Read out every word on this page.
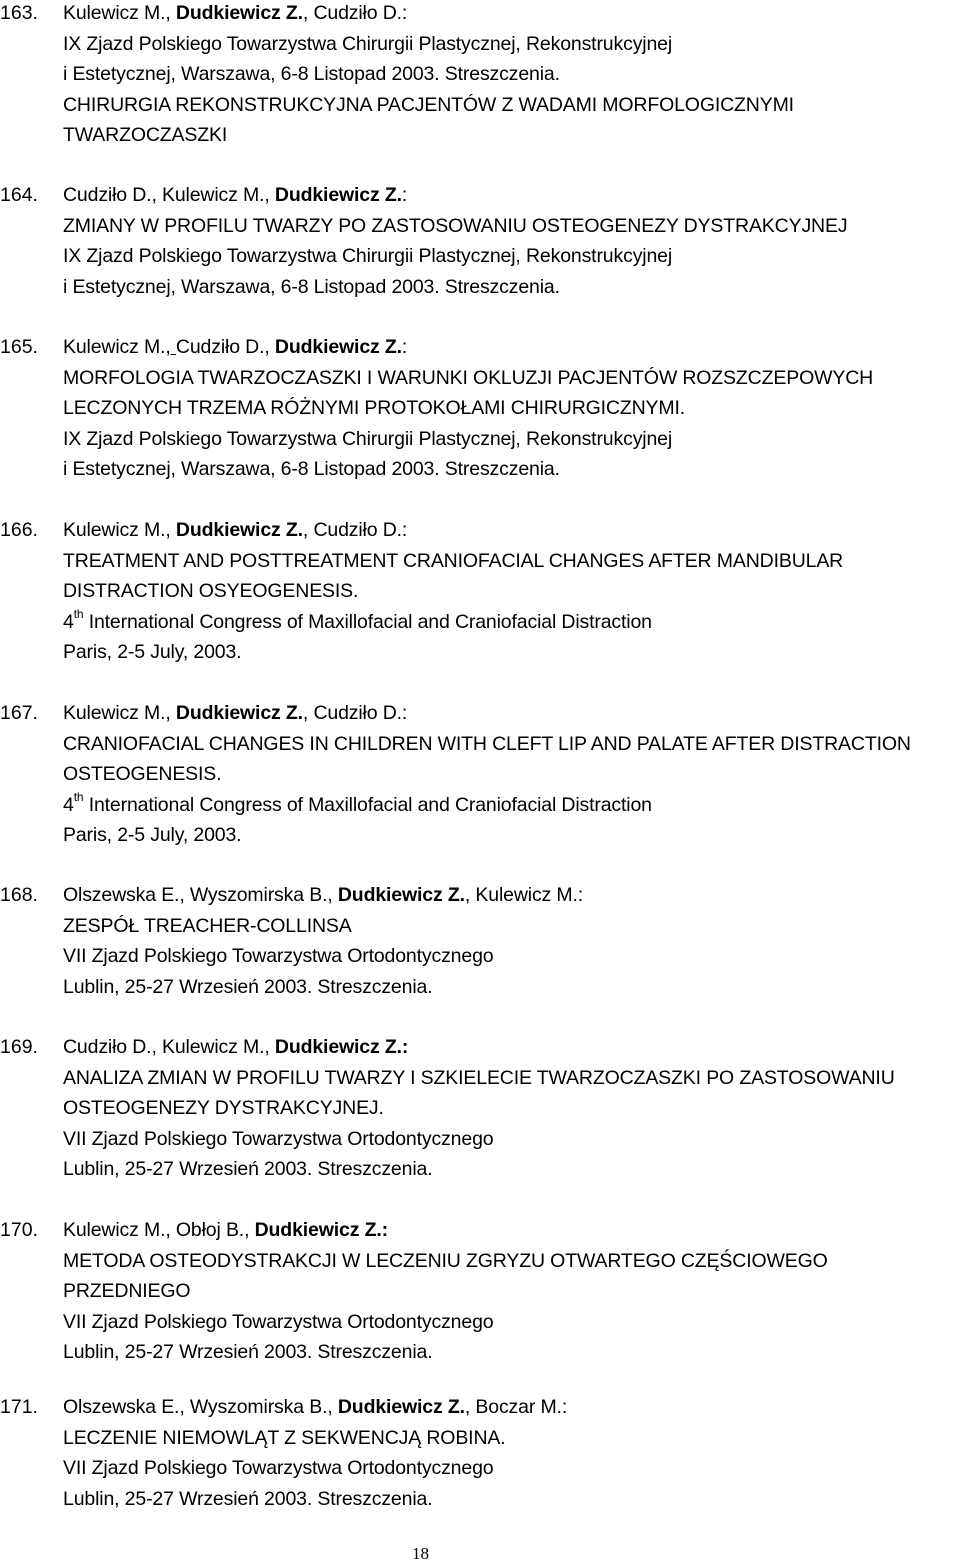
163. Kulewicz M., Dudkiewicz Z., Cudziło D.:
IX Zjazd Polskiego Towarzystwa Chirurgii Plastycznej, Rekonstrukcyjnej
i Estetycznej, Warszawa, 6-8 Listopad 2003. Streszczenia.
CHIRURGIA REKONSTRUKCYJNA PACJENTÓW Z WADAMI MORFOLOGICZNYMI
TWARZOCZASZKI
164. Cudziło D., Kulewicz M., Dudkiewicz Z.:
ZMIANY W PROFILU TWARZY PO ZASTOSOWANIU OSTEOGENEZY DYSTRAKCYJNEJ
IX Zjazd Polskiego Towarzystwa Chirurgii Plastycznej, Rekonstrukcyjnej
i Estetycznej, Warszawa, 6-8 Listopad 2003. Streszczenia.
165. Kulewicz M., Cudziło D., Dudkiewicz Z.:
MORFOLOGIA TWARZOCZASZKI I WARUNKI OKLUZJI PACJENTÓW ROZSZCZEPOWYCH
LECZONYCH TRZEMA RÓŻNYMI PROTOKOŁAMI CHIRURGICZNYMI.
IX Zjazd Polskiego Towarzystwa Chirurgii Plastycznej, Rekonstrukcyjnej
i Estetycznej, Warszawa, 6-8 Listopad 2003. Streszczenia.
166. Kulewicz M., Dudkiewicz Z., Cudziło D.:
TREATMENT AND POSTTREATMENT CRANIOFACIAL CHANGES AFTER MANDIBULAR
DISTRACTION OSYEOGENESIS.
4th International Congress of Maxillofacial and Craniofacial Distraction
Paris, 2-5 July, 2003.
167. Kulewicz M., Dudkiewicz Z., Cudziło D.:
CRANIOFACIAL CHANGES IN CHILDREN WITH CLEFT LIP AND PALATE AFTER DISTRACTION
OSTEOGENESIS.
4th International Congress of Maxillofacial and Craniofacial Distraction
Paris, 2-5 July, 2003.
168. Olszewska E., Wyszomirska B., Dudkiewicz Z., Kulewicz M.:
ZESPÓŁ TREACHER-COLLINSA
VII Zjazd Polskiego Towarzystwa Ortodontycznego
Lublin, 25-27 Wrzesień 2003. Streszczenia.
169. Cudziło D., Kulewicz M., Dudkiewicz Z.:
ANALIZA ZMIAN W PROFILU TWARZY I SZKIELECIE TWARZOCZASZKI PO ZASTOSOWANIU
OSTEOGENEZY DYSTRAKCYJNEJ.
VII Zjazd Polskiego Towarzystwa Ortodontycznego
Lublin, 25-27 Wrzesień 2003. Streszczenia.
170. Kulewicz M., Obłoj B., Dudkiewicz Z.:
METODA OSTEODYSTRAKCJI W LECZENIU ZGRYZU OTWARTEGO CZĘŚCIOWEGO
PRZEDNIEGO
VII Zjazd Polskiego Towarzystwa Ortodontycznego
Lublin, 25-27 Wrzesień 2003. Streszczenia.
171. Olszewska E., Wyszomirska B., Dudkiewicz Z., Boczar M.:
LECZENIE NIEMOWLĄT Z SEKWENCJĄ ROBINA.
VII Zjazd Polskiego Towarzystwa Ortodontycznego
Lublin, 25-27 Wrzesień 2003. Streszczenia.
18
